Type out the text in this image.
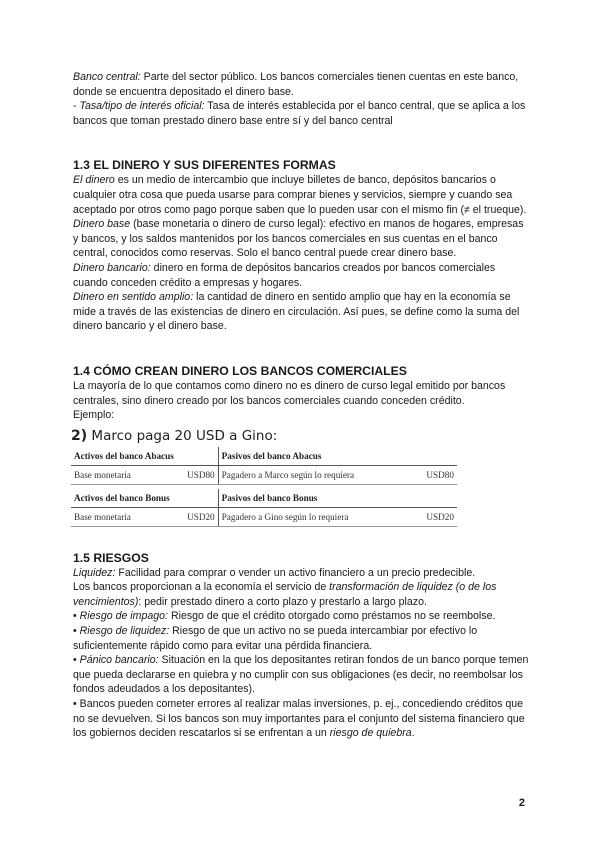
Banco central: Parte del sector público. Los bancos comerciales tienen cuentas en este banco, donde se encuentra depositado el dinero base.

- Tasa/tipo de interés oficial: Tasa de interés establecida por el banco central, que se aplica a los bancos que toman prestado dinero base entre sí y del banco central

1.3 EL DINERO Y SUS DIFERENTES FORMAS

El dinero es un medio de intercambio que incluye billetes de banco, depósitos bancarios o cualquier otra cosa que pueda usarse para comprar bienes y servicios, siempre y cuando sea aceptado por otros como pago porque saben que lo pueden usar con el mismo fin (≠ el trueque).

Dinero base (base monetaria o dinero de curso legal): efectivo en manos de hogares, empresas y bancos, y los saldos mantenidos por los bancos comerciales en sus cuentas en el banco central, conocidos como reservas. Solo el banco central puede crear dinero base.

Dinero bancario: dinero en forma de depósitos bancarios creados por bancos comerciales cuando conceden crédito a empresas y hogares.

Dinero en sentido amplio: la cantidad de dinero en sentido amplio que hay en la economía se mide a través de las existencias de dinero en circulación. Así pues, se define como la suma del dinero bancario y el dinero base.

1.4 CÓMO CREAN DINERO LOS BANCOS COMERCIALES

La mayoría de lo que contamos como dinero no es dinero de curso legal emitido por bancos centrales, sino dinero creado por los bancos comerciales cuando conceden crédito.

Ejemplo:

2) Marco paga 20 USD a Gino:
Activos del banco Abacus		Pasivos del banco Abacus	
Base monetaria	USD80	Pagadero a Marco según lo requiera	USD80

Activos del banco Bonus		Pasivos del banco Bonus	
Base monetaria	USD20	Pagadero a Gino según lo requiera	USD20
1.5 RIESGOS

Liquidez: Facilidad para comprar o vender un activo financiero a un precio predecible.

Los bancos proporcionan a la economía el servicio de transformación de liquidez (o de los vencimientos): pedir prestado dinero a corto plazo y prestarlo a largo plazo.

• Riesgo de impago: Riesgo de que el crédito otorgado como préstamos no se reembolse.

• Riesgo de liquidez: Riesgo de que un activo no se pueda intercambiar por efectivo lo suficientemente rápido como para evitar una pérdida financiera.

• Pánico bancario: Situación en la que los depositantes retiran fondos de un banco porque temen que pueda declararse en quiebra y no cumplir con sus obligaciones (es decir, no reembolsar los fondos adeudados a los depositantes).

• Bancos pueden cometer errores al realizar malas inversiones, p. ej., concediendo créditos que no se devuelven. Si los bancos son muy importantes para el conjunto del sistema financiero que los gobiernos deciden rescatarlos si se enfrentan a un riesgo de quiebra.

2
